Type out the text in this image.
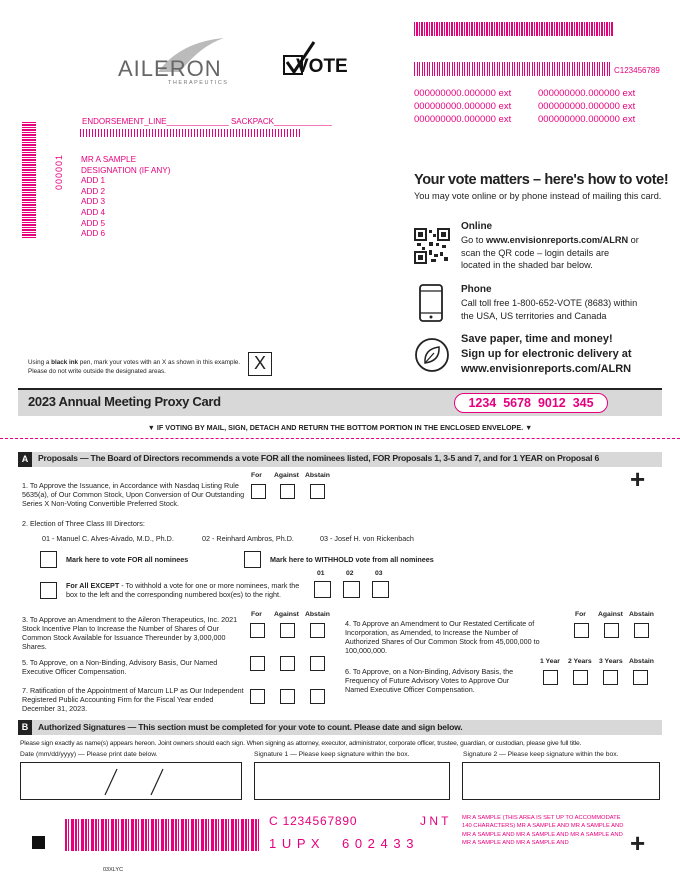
C123456789
000000000.000000 ext	000000000.000000 ext
000000000.000000 ext	000000000.000000 ext
000000000.000000 ext	000000000.000000 ext
AILERON
THERAPEUTICS
VOTE
ENDORSEMENT_LINE______________ SACKPACK_____________
000001 MR A SAMPLE
DESIGNATION (IF ANY)
ADD 1
ADD 2
ADD 3
ADD 4
ADD 5
ADD 6
Your vote matters – here's how to vote!
You may vote online or by phone instead of mailing this card.
Online
Go to www.envisionreports.com/ALRN or scan the QR code – login details are located in the shaded bar below.
Phone
Call toll free 1-800-652-VOTE (8683) within the USA, US territories and Canada
Save paper, time and money!
Sign up for electronic delivery at
www.envisionreports.com/ALRN
Using a black ink pen, mark your votes with an X as shown in this example.
Please do not write outside the designated areas.	X
2023 Annual Meeting Proxy Card	1234  5678  9012  345
▼ IF VOTING BY MAIL, SIGN, DETACH AND RETURN THE BOTTOM PORTION IN THE ENCLOSED ENVELOPE. ▼
A	Proposals — The Board of Directors recommends a vote FOR all the nominees listed, FOR Proposals 1, 3-5 and 7, and for 1 YEAR on Proposal 6
For Against Abstain
1. To Approve the Issuance, in Accordance with Nasdaq Listing Rule 5635(a), of Our Common Stock, Upon Conversion of Our Outstanding Series X Non-Voting Convertible Preferred Stock.
+
2. Election of Three Class III Directors:
01 - Manuel C. Alves-Aivado, M.D., Ph.D.	02 - Reinhard Ambros, Ph.D.	03 - Josef H. von Rickenbach
Mark here to vote FOR all nominees	Mark here to WITHHOLD vote from all nominees
01	02	03
For All EXCEPT - To withhold a vote for one or more nominees, mark the box to the left and the corresponding numbered box(es) to the right.
For Against Abstain	For Against Abstain
3. To Approve an Amendment to the Aileron Therapeutics, Inc. 2021 Stock Incentive Plan to Increase the Number of Shares of Our Common Stock Available for Issuance Thereunder by 3,000,000 Shares.
4. To Approve an Amendment to Our Restated Certificate of Incorporation, as Amended, to Increase the Number of Authorized Shares of Our Common Stock from 45,000,000 to 100,000,000.
5. To Approve, on a Non-Binding, Advisory Basis, Our Named Executive Officer Compensation.
1 Year 2 Years 3 Years Abstain
6. To Approve, on a Non-Binding, Advisory Basis, the Frequency of Future Advisory Votes to Approve Our Named Executive Officer Compensation.
7. Ratification of the Appointment of Marcum LLP as Our Independent Registered Public Accounting Firm for the Fiscal Year ended December 31, 2023.
B	Authorized Signatures — This section must be completed for your vote to count. Please date and sign below.
Please sign exactly as name(s) appears hereon. Joint owners should each sign. When signing as attorney, executor, administrator, corporate officer, trustee, guardian, or custodian, please give full title.
Date (mm/dd/yyyy) — Please print date below.	Signature 1 — Please keep signature within the box.	Signature 2 — Please keep signature within the box.
C 1234567890	J N T
1 U P X 6 0 2 4 3 3
MR A SAMPLE (THIS AREA IS SET UP TO ACCOMMODATE 140 CHARACTERS) MR A SAMPLE AND MR A SAMPLE AND MR A SAMPLE AND MR A SAMPLE AND MR A SAMPLE AND MR A SAMPLE AND MR A SAMPLE AND	+
03XLYC
